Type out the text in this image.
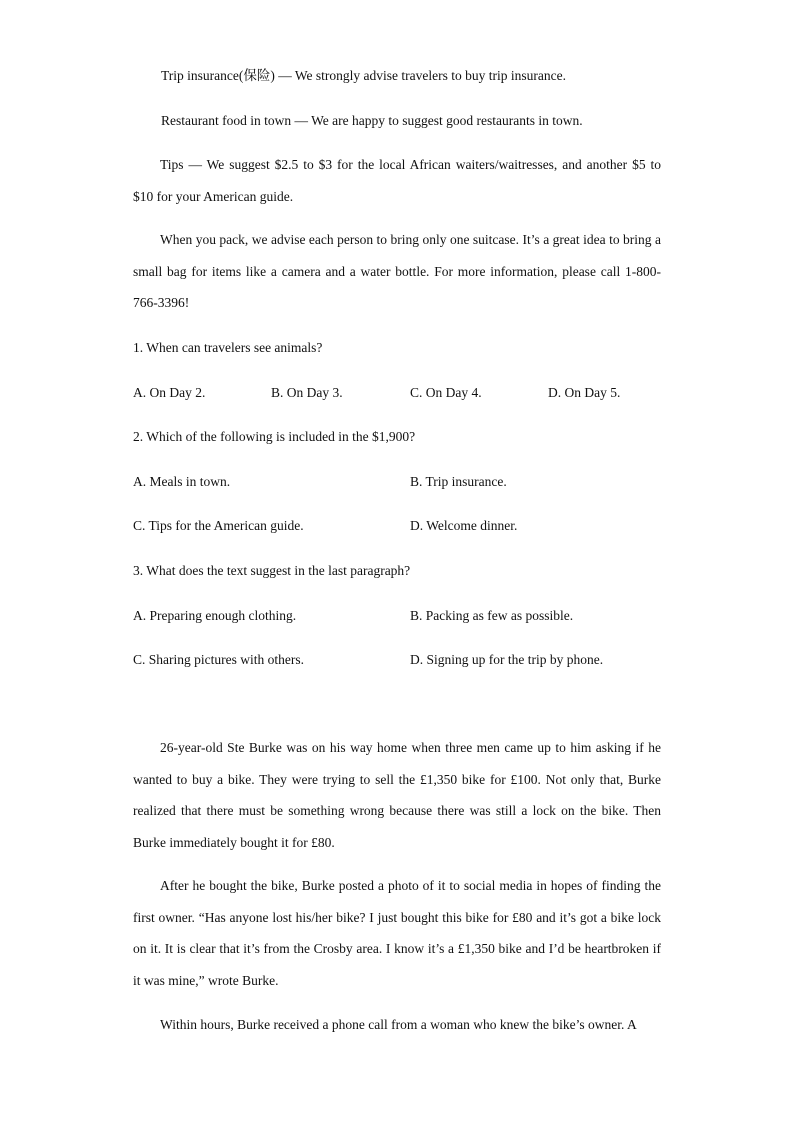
Trip insurance(保险) — We strongly advise travelers to buy trip insurance.
Restaurant food in town — We are happy to suggest good restaurants in town.
Tips — We suggest $2.5 to $3 for the local African waiters/waitresses, and another $5 to $10 for your American guide.
When you pack, we advise each person to bring only one suitcase. It’s a great idea to bring a small bag for items like a camera and a water bottle. For more information, please call 1-800-766-3396!
1. When can travelers see animals?
A. On Day 2.	B. On Day 3.	C. On Day 4.	D. On Day 5.
2. Which of the following is included in the $1,900?
A. Meals in town.	B. Trip insurance.
C. Tips for the American guide.	D. Welcome dinner.
3. What does the text suggest in the last paragraph?
A. Preparing enough clothing.	B. Packing as few as possible.
C. Sharing pictures with others.	D. Signing up for the trip by phone.
26-year-old Ste Burke was on his way home when three men came up to him asking if he wanted to buy a bike. They were trying to sell the £1,350 bike for £100. Not only that, Burke realized that there must be something wrong because there was still a lock on the bike. Then Burke immediately bought it for £80.
After he bought the bike, Burke posted a photo of it to social media in hopes of finding the first owner. “Has anyone lost his/her bike? I just bought this bike for £80 and it’s got a bike lock on it. It is clear that it’s from the Crosby area. I know it’s a £1,350 bike and I’d be heartbroken if it was mine,” wrote Burke.
Within hours, Burke received a phone call from a woman who knew the bike’s owner. A
